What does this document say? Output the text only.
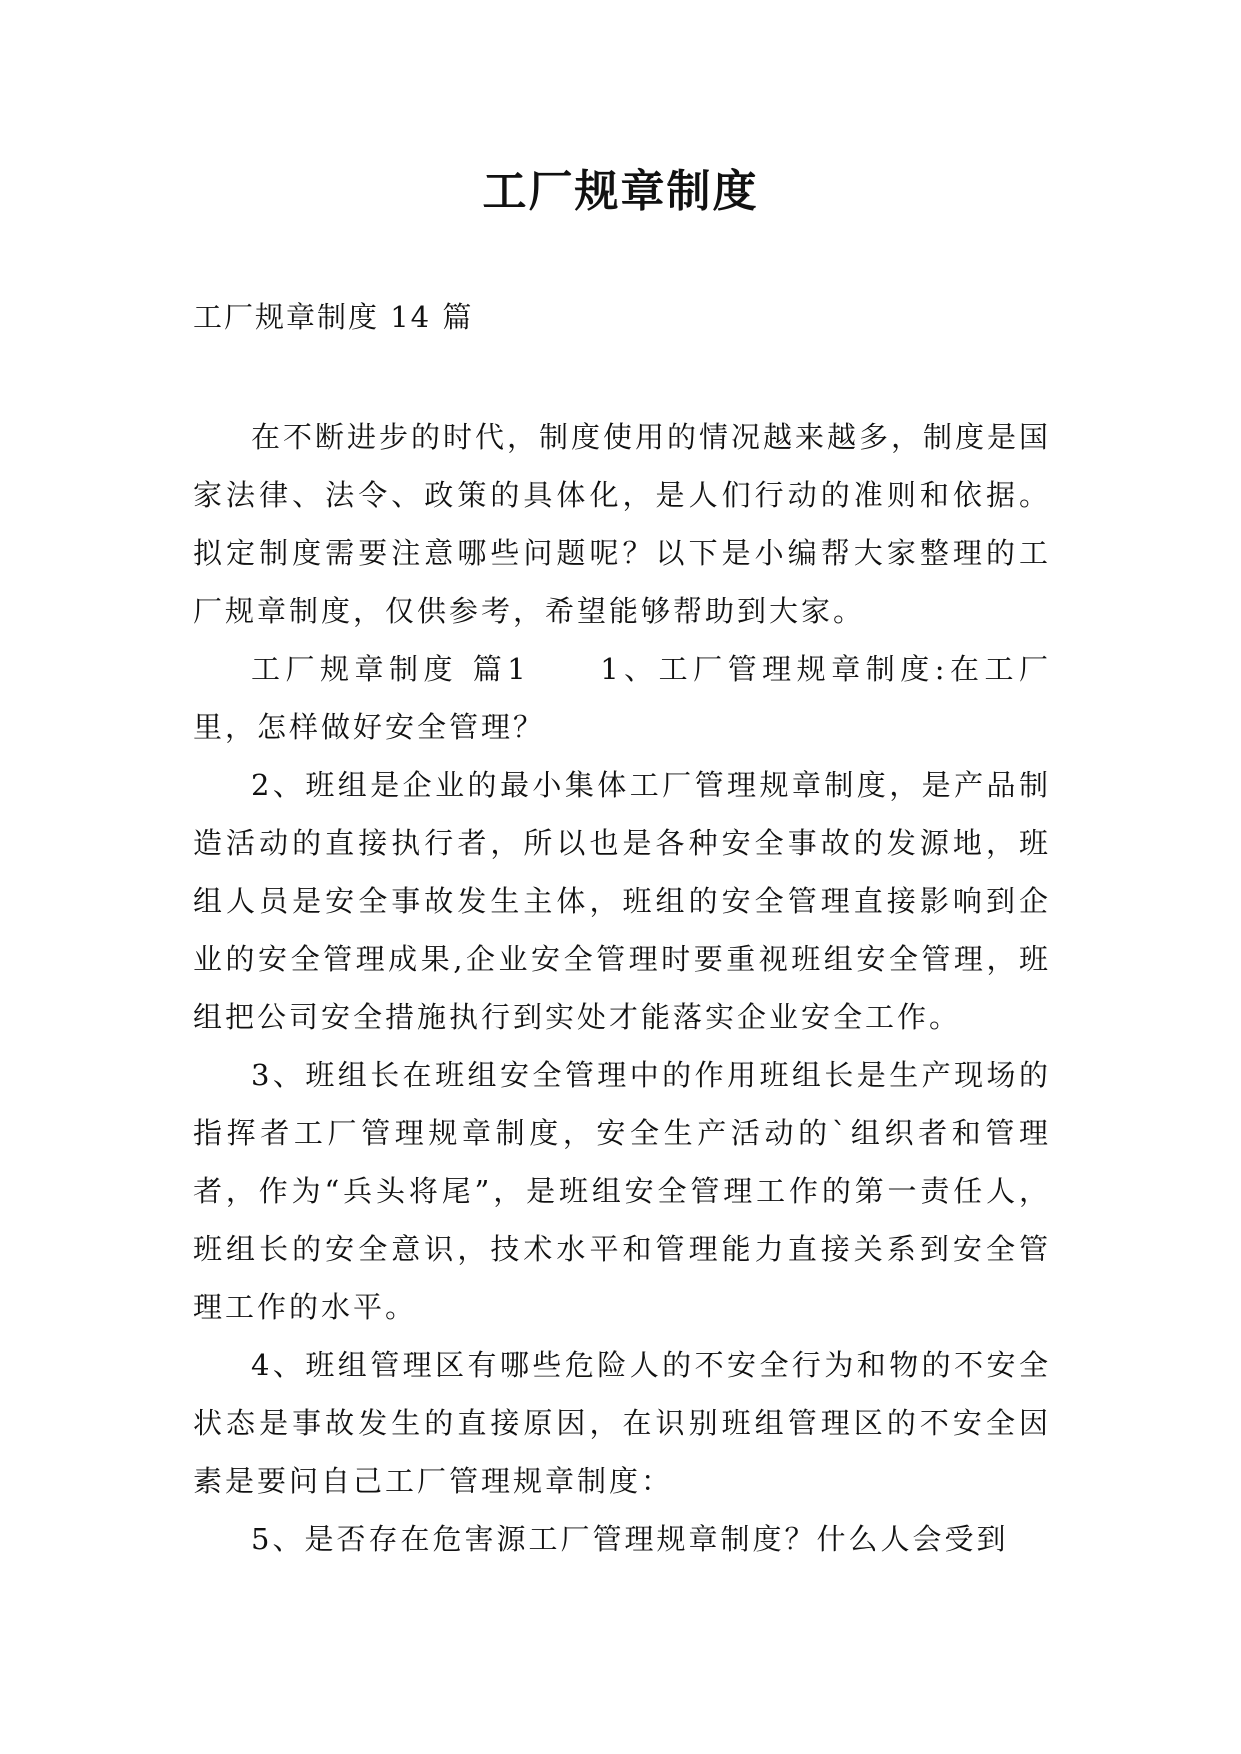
工厂规章制度

工厂规章制度 14 篇

在不断进步的时代，制度使用的情况越来越多，制度是国家法律、法令、政策的具体化，是人们行动的准则和依据。拟定制度需要注意哪些问题呢？以下是小编帮大家整理的工厂规章制度，仅供参考，希望能够帮助到大家。

工厂规章制度 篇1　　1、工厂管理规章制度:在工厂里，怎样做好安全管理？

2、班组是企业的最小集体工厂管理规章制度，是产品制造活动的直接执行者，所以也是各种安全事故的发源地，班组人员是安全事故发生主体，班组的安全管理直接影响到企业的安全管理成果,企业安全管理时要重视班组安全管理，班组把公司安全措施执行到实处才能落实企业安全工作。

3、班组长在班组安全管理中的作用班组长是生产现场的指挥者工厂管理规章制度，安全生产活动的`组织者和管理者，作为“兵头将尾”，是班组安全管理工作的第一责任人，班组长的安全意识，技术水平和管理能力直接关系到安全管理工作的水平。

4、班组管理区有哪些危险人的不安全行为和物的不安全状态是事故发生的直接原因，在识别班组管理区的不安全因素是要问自己工厂管理规章制度：

5、是否存在危害源工厂管理规章制度？什么人会受到
